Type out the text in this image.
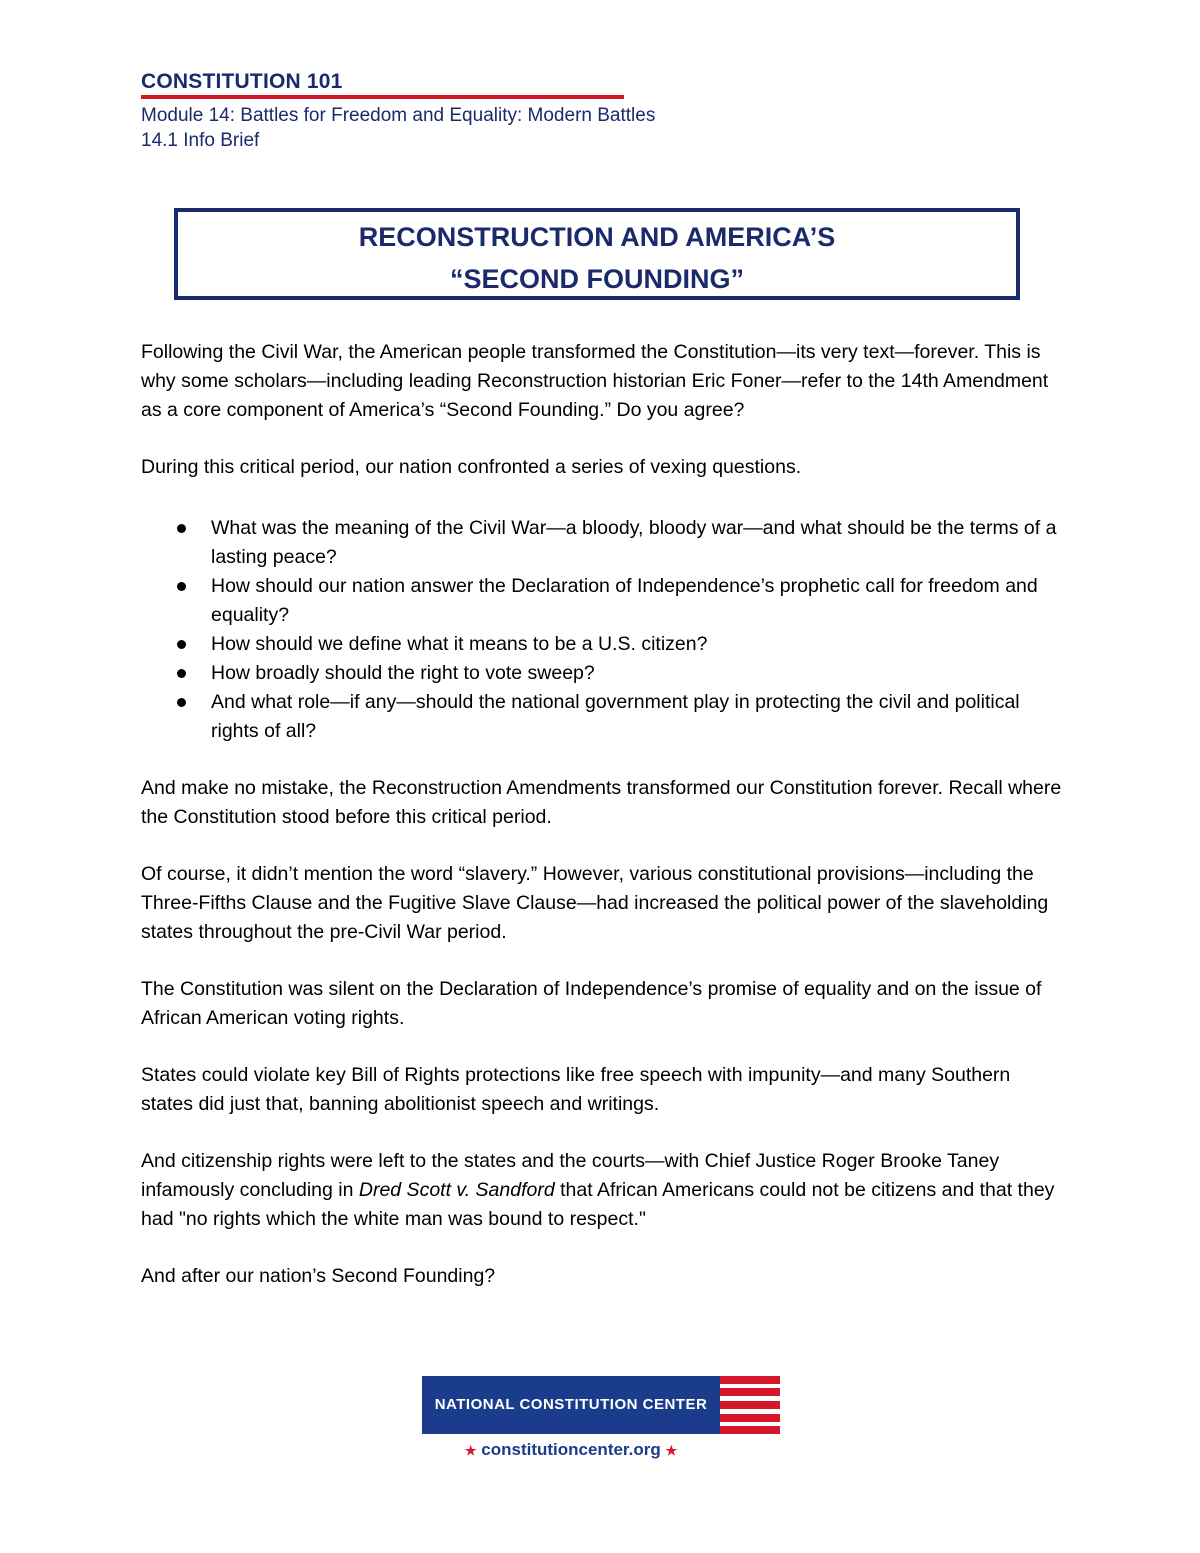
CONSTITUTION 101
Module 14: Battles for Freedom and Equality: Modern Battles
14.1 Info Brief
RECONSTRUCTION AND AMERICA’S
“SECOND FOUNDING”

Following the Civil War, the American people transformed the Constitution—its very text—forever. This is why some scholars—including leading Reconstruction historian Eric Foner—refer to the 14th Amendment as a core component of America’s “Second Founding.” Do you agree?

During this critical period, our nation confronted a series of vexing questions.

What was the meaning of the Civil War—a bloody, bloody war—and what should be the terms of a lasting peace?
How should our nation answer the Declaration of Independence’s prophetic call for freedom and equality?
How should we define what it means to be a U.S. citizen?
How broadly should the right to vote sweep?
And what role—if any—should the national government play in protecting the civil and political rights of all?

And make no mistake, the Reconstruction Amendments transformed our Constitution forever. Recall where the Constitution stood before this critical period.

Of course, it didn’t mention the word “slavery.” However, various constitutional provisions—including the Three-Fifths Clause and the Fugitive Slave Clause—had increased the political power of the slaveholding states throughout the pre-Civil War period.

The Constitution was silent on the Declaration of Independence’s promise of equality and on the issue of African American voting rights.

States could violate key Bill of Rights protections like free speech with impunity—and many Southern states did just that, banning abolitionist speech and writings.

And citizenship rights were left to the states and the courts—with Chief Justice Roger Brooke Taney infamously concluding in Dred Scott v. Sandford that African Americans could not be citizens and that they had "no rights which the white man was bound to respect."

And after our nation’s Second Founding?

NATIONAL CONSTITUTION CENTER
★ constitutioncenter.org ★
